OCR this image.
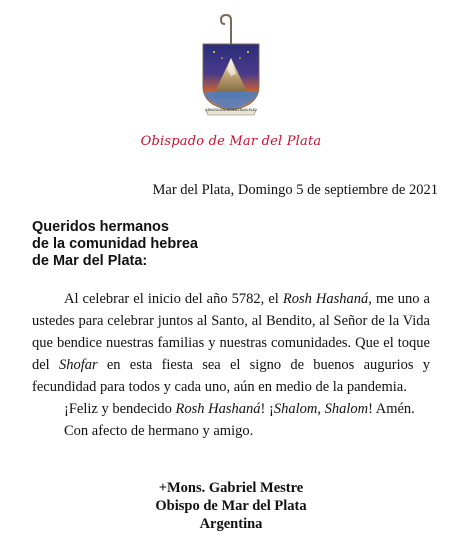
CRISTO EN NOSOTROS FIJO
Obispado de Mar del Plata
Mar del Plata, Domingo 5 de septiembre de 2021
Queridos hermanos
de la comunidad hebrea
de Mar del Plata:

Al celebrar el inicio del año 5782, el Rosh Hashaná, me uno a ustedes para celebrar juntos al Santo, al Bendito, al Señor de la Vida que bendice nuestras familias y nuestras comunidades. Que el toque del Shofar en esta fiesta sea el signo de buenos augurios y fecundidad para todos y cada uno, aún en medio de la pandemia.

¡Feliz y bendecido Rosh Hashaná! ¡Shalom, Shalom! Amén.

Con afecto de hermano y amigo.

+Mons. Gabriel Mestre
Obispo de Mar del Plata
Argentina
